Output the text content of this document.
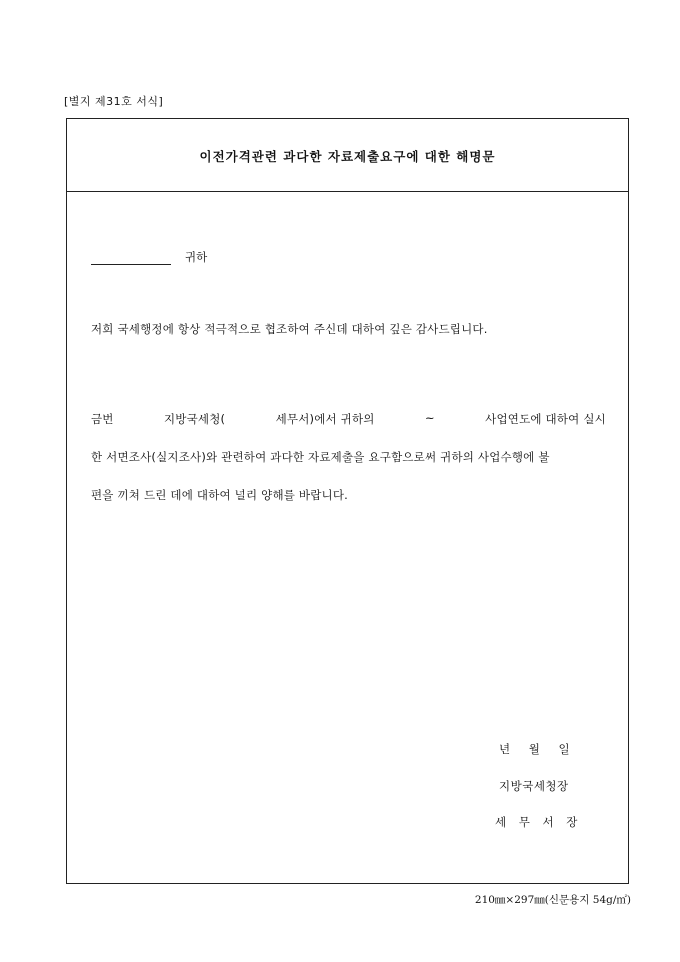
[별지 제31호 서식]
이전가격관련 과다한 자료제출요구에 대한 해명문
귀하
저희 국세행정에 항상 적극적으로 협조하여 주신데 대하여 깊은 감사드립니다.
금번	지방국세청(	세무서)에서 귀하의	~	사업연도에 대하여 실시
한 서면조사(실지조사)와 관련하여 과다한 자료제출을 요구함으로써 귀하의 사업수행에 불
편을 끼쳐 드린 데에 대하여 널리 양해를 바랍니다.
년 월 일
지방국세청장
세 무 서 장
210㎜×297㎜(신문용지 54g/㎡)
